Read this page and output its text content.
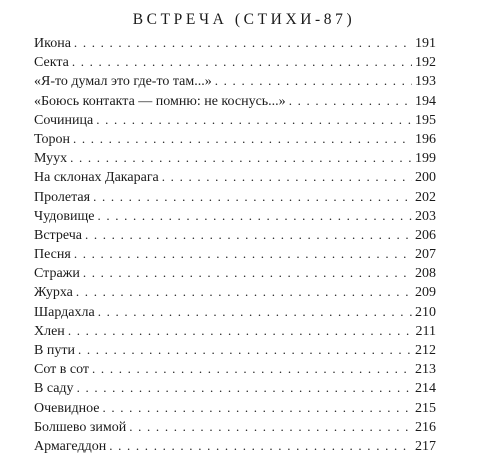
ВСТРЕЧА (СТИХИ-87)
Икона . . .	191
Секта . . .	192
«Я-то думал это где-то там...» . . .	193
«Боюсь контакта — помню: не коснусь...» . . .	194
Сочиница . . .	195
Торон . . .	196
Муух . . .	199
На склонах Дакарага . . .	200
Пролетая . . .	202
Чудовище . . .	203
Встреча . . .	206
Песня . . .	207
Стражи . . .	208
Журха . . .	209
Шардахла . . .	210
Хлен . . .	211
В пути . . .	212
Сот в сот . . .	213
В саду . . .	214
Очевидное . . .	215
Болшево зимой . . .	216
Армагеддон . . .	217
